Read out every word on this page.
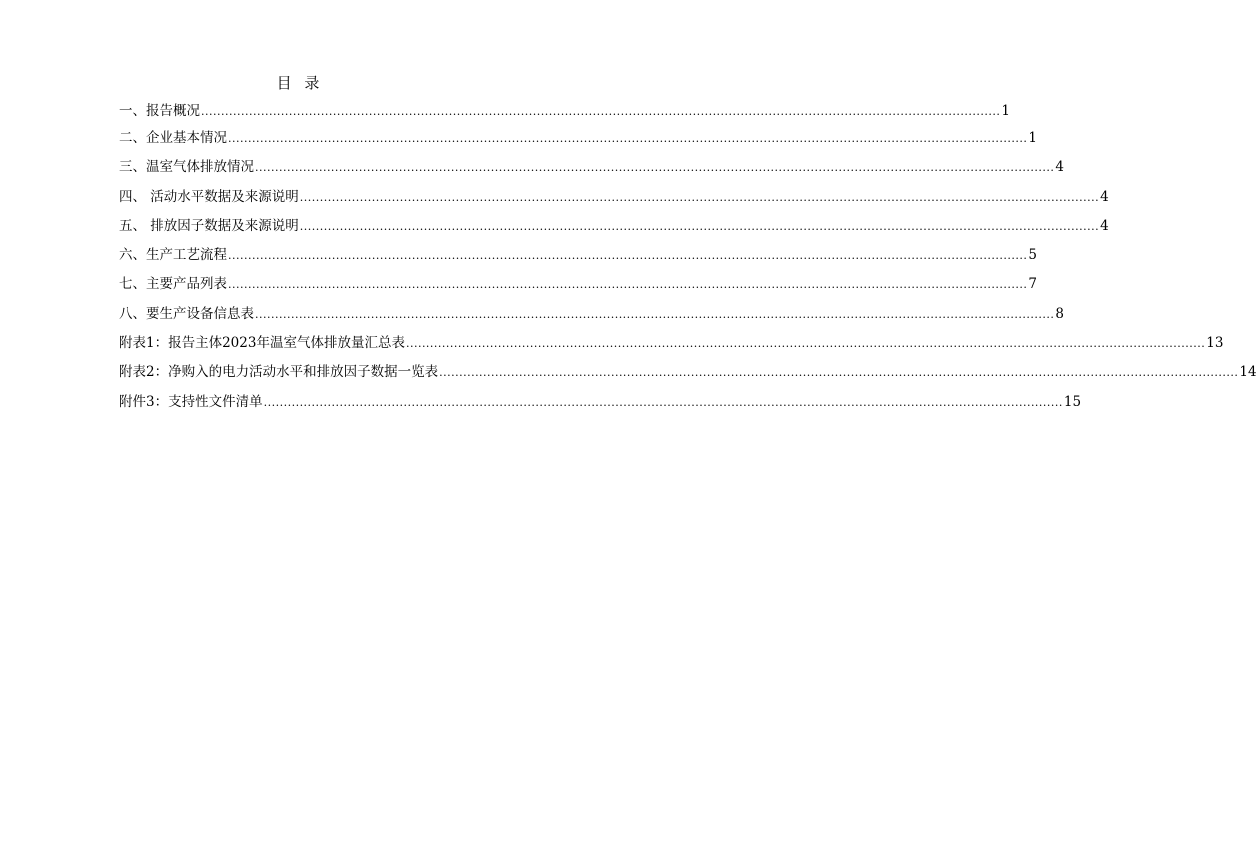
目 录
一、报告概况 ........................................................................................................................................................................................................ 1
二、企业基本情况 ........................................................................................................................................................................................................ 1
三、温室气体排放情况 ........................................................................................................................................................................................................ 4
四、 活动水平数据及来源说明 ........................................................................................................................................................................................................ 4
五、 排放因子数据及来源说明 ........................................................................................................................................................................................................ 4
六、生产工艺流程 ........................................................................................................................................................................................................ 5
七、主要产品列表 ........................................................................................................................................................................................................ 7
八、要生产设备信息表 ........................................................................................................................................................................................................ 8
附表1：报告主体2023年温室气体排放量汇总表 ........................................................................................................................................................................................................ 13
附表2：净购入的电力活动水平和排放因子数据一览表 ........................................................................................................................................................................................................ 14
附件3：支持性文件清单 ........................................................................................................................................................................................................ 15
